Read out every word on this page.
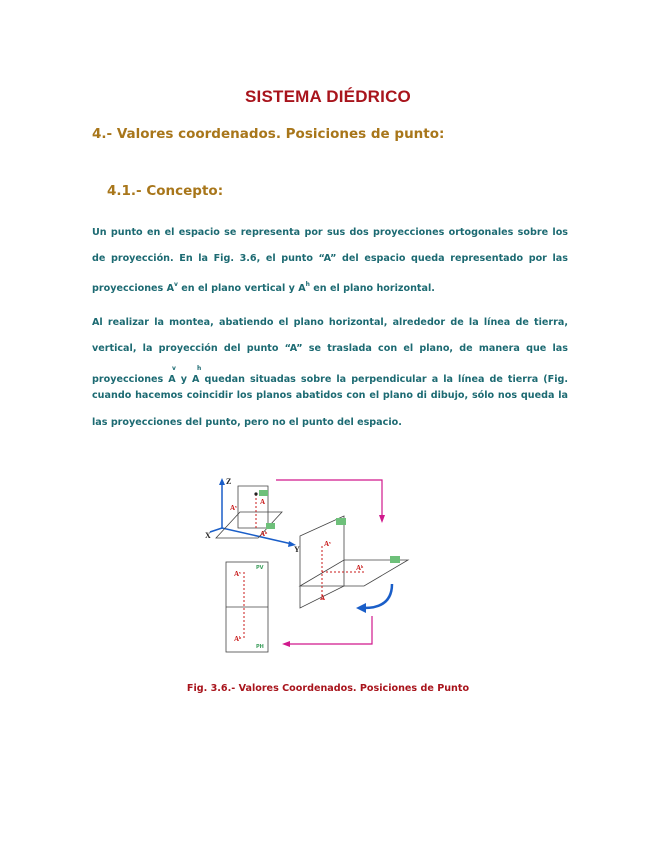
SISTEMA DIÉDRICO
4.- Valores coordenados. Posiciones de punto:
4.1.- Concepto:
Un punto en el espacio se representa por sus dos proyecciones ortogonales sobre los
de proyección. En la Fig. 3.6, el punto “A” del espacio queda representado por las
proyecciones $A^v$ en el plano vertical y $A^h$ en el plano horizontal.
Al realizar la montea, abatiendo el plano horizontal, alrededor de la línea de tierra,
vertical, la proyección del punto “A” se traslada con el plano, de manera que las
v	h
proyecciones A y A quedan situadas sobre la perpendicular a la línea de tierra (Fig.
cuando hacemos coincidir los planos abatidos con el plano di dibujo, sólo nos queda la
las proyecciones del punto, pero no el punto del espacio.
Z
X
Y
A
Aᵛ
Aʰ
Aᵛ
Aʰ
A
Aᵛ
Aʰ
PV
PH
Fig. 3.6.- Valores Coordenados. Posiciones de Punto
